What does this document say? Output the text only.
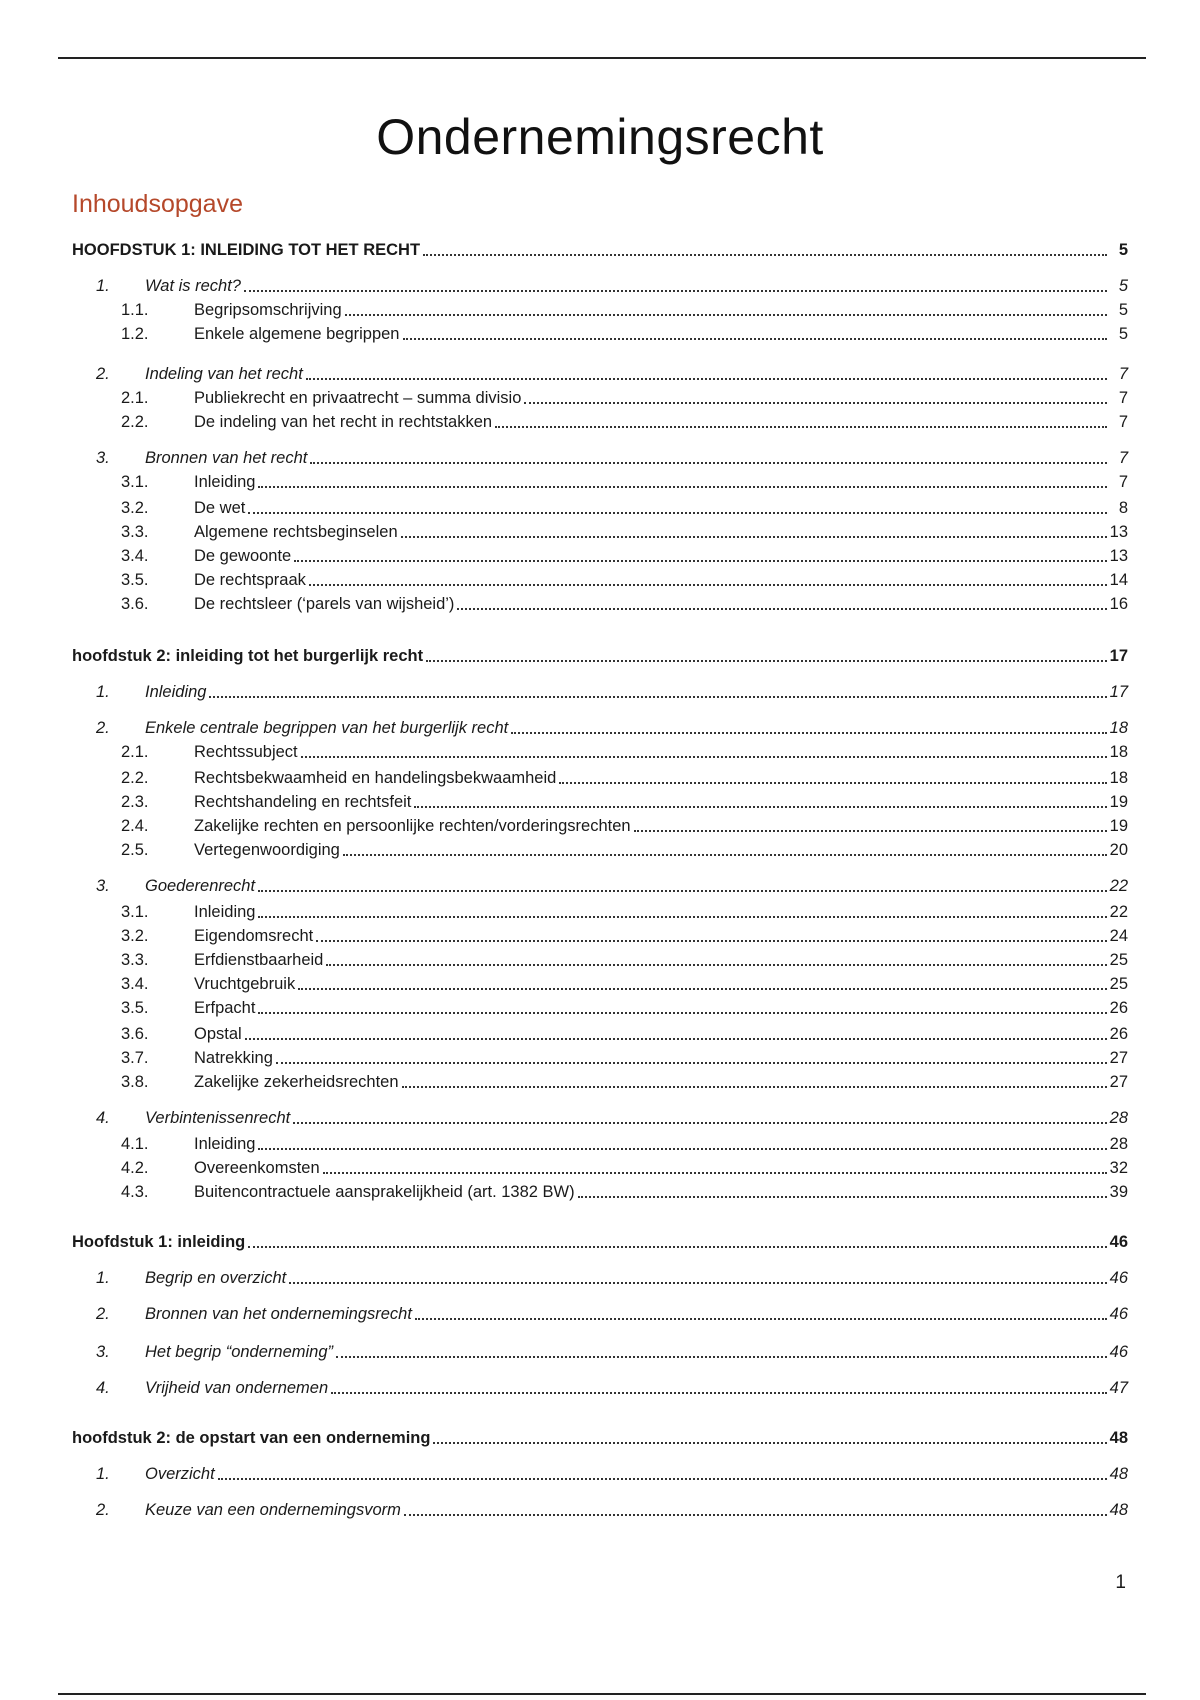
Ondernemingsrecht
Inhoudsopgave
HOOFDSTUK 1: INLEIDING TOT HET RECHT	5
1.	Wat is recht?	5
1.1.	Begripsomschrijving	5
1.2.	Enkele algemene begrippen	5
2.	Indeling van het recht	7
2.1.	Publiekrecht en privaatrecht – summa divisio	7
2.2.	De indeling van het recht in rechtstakken	7
3.	Bronnen van het recht	7
3.1.	Inleiding	7
3.2.	De wet	8
3.3.	Algemene rechtsbeginselen	13
3.4.	De gewoonte	13
3.5.	De rechtspraak	14
3.6.	De rechtsleer (‘parels van wijsheid’)	16
hoofdstuk 2: inleiding tot het burgerlijk recht	17
1.	Inleiding	17
2.	Enkele centrale begrippen van het burgerlijk recht	18
2.1.	Rechtssubject	18
2.2.	Rechtsbekwaamheid en handelingsbekwaamheid	18
2.3.	Rechtshandeling en rechtsfeit	19
2.4.	Zakelijke rechten en persoonlijke rechten/vorderingsrechten	19
2.5.	Vertegenwoordiging	20
3.	Goederenrecht	22
3.1.	Inleiding	22
3.2.	Eigendomsrecht	24
3.3.	Erfdienstbaarheid	25
3.4.	Vruchtgebruik	25
3.5.	Erfpacht	26
3.6.	Opstal	26
3.7.	Natrekking	27
3.8.	Zakelijke zekerheidsrechten	27
4.	Verbintenissenrecht	28
4.1.	Inleiding	28
4.2.	Overeenkomsten	32
4.3.	Buitencontractuele aansprakelijkheid (art. 1382 BW)	39
Hoofdstuk 1: inleiding	46
1.	Begrip en overzicht	46
2.	Bronnen van het ondernemingsrecht	46
3.	Het begrip “onderneming”	46
4.	Vrijheid van ondernemen	47
hoofdstuk 2: de opstart van een onderneming	48
1.	Overzicht	48
2.	Keuze van een ondernemingsvorm	48
1
